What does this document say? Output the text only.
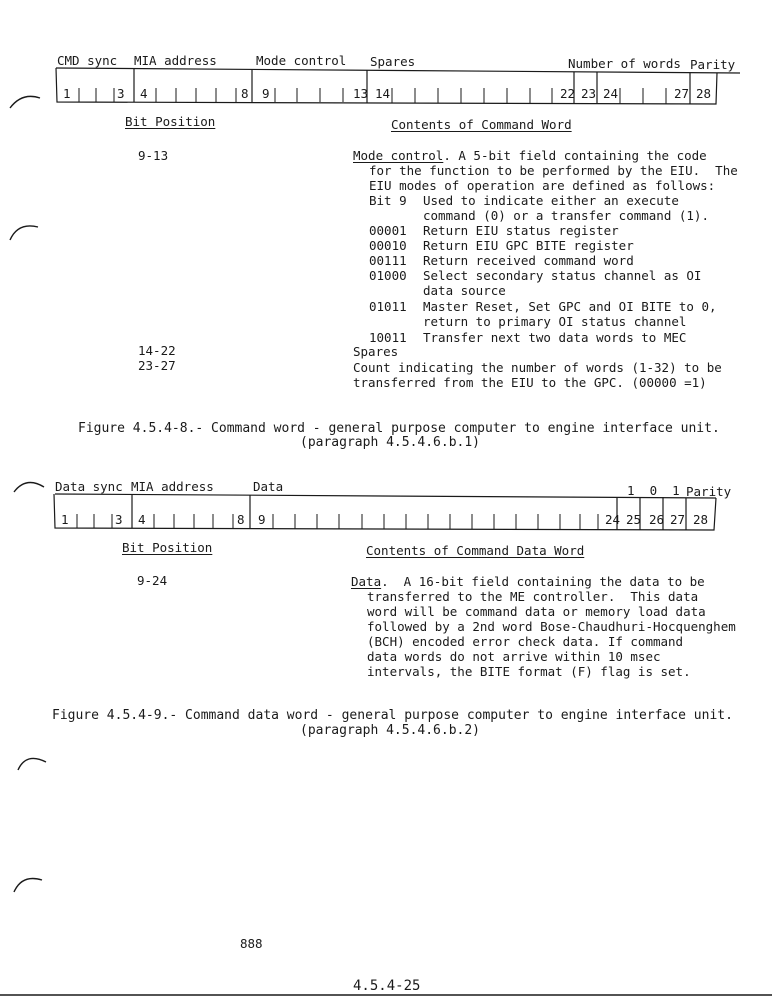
CMD sync MIA address	Mode control Spares	Number of words Parity
1	3 4	8 9	13 14	22 23 24	27 28
Bit Position	Contents of Command Word
9-13	Mode control. A 5-bit field containing the code
for the function to be performed by the EIU.  The
EIU modes of operation are defined as follows:
Bit 9 Used to indicate either an execute
command (0) or a transfer command (1).
00001 Return EIU status register
00010 Return EIU GPC BITE register
00111 Return received command word
01000 Select secondary status channel as OI
data source
01011 Master Reset, Set GPC and OI BITE to 0,
return to primary OI status channel
10011 Transfer next two data words to MEC
14-22	Spares
23-27	Count indicating the number of words (1-32) to be
transferred from the EIU to the GPC. (00000 =1)
Figure 4.5.4-8.- Command word - general purpose computer to engine interface unit.
(paragraph 4.5.4.6.b.1)
Data sync MIA address	Data	1  0  1 Parity
1	3 4	8 9	24 25 26 27 28
Bit Position	Contents of Command Data Word
9-24	Data.  A 16-bit field containing the data to be
transferred to the ME controller.  This data
word will be command data or memory load data
followed by a 2nd word Bose-Chaudhuri-Hocquenghem
(BCH) encoded error check data. If command
data words do not arrive within 10 msec
intervals, the BITE format (F) flag is set.
Figure 4.5.4-9.- Command data word - general purpose computer to engine interface unit.
(paragraph 4.5.4.6.b.2)
888
4.5.4-25
